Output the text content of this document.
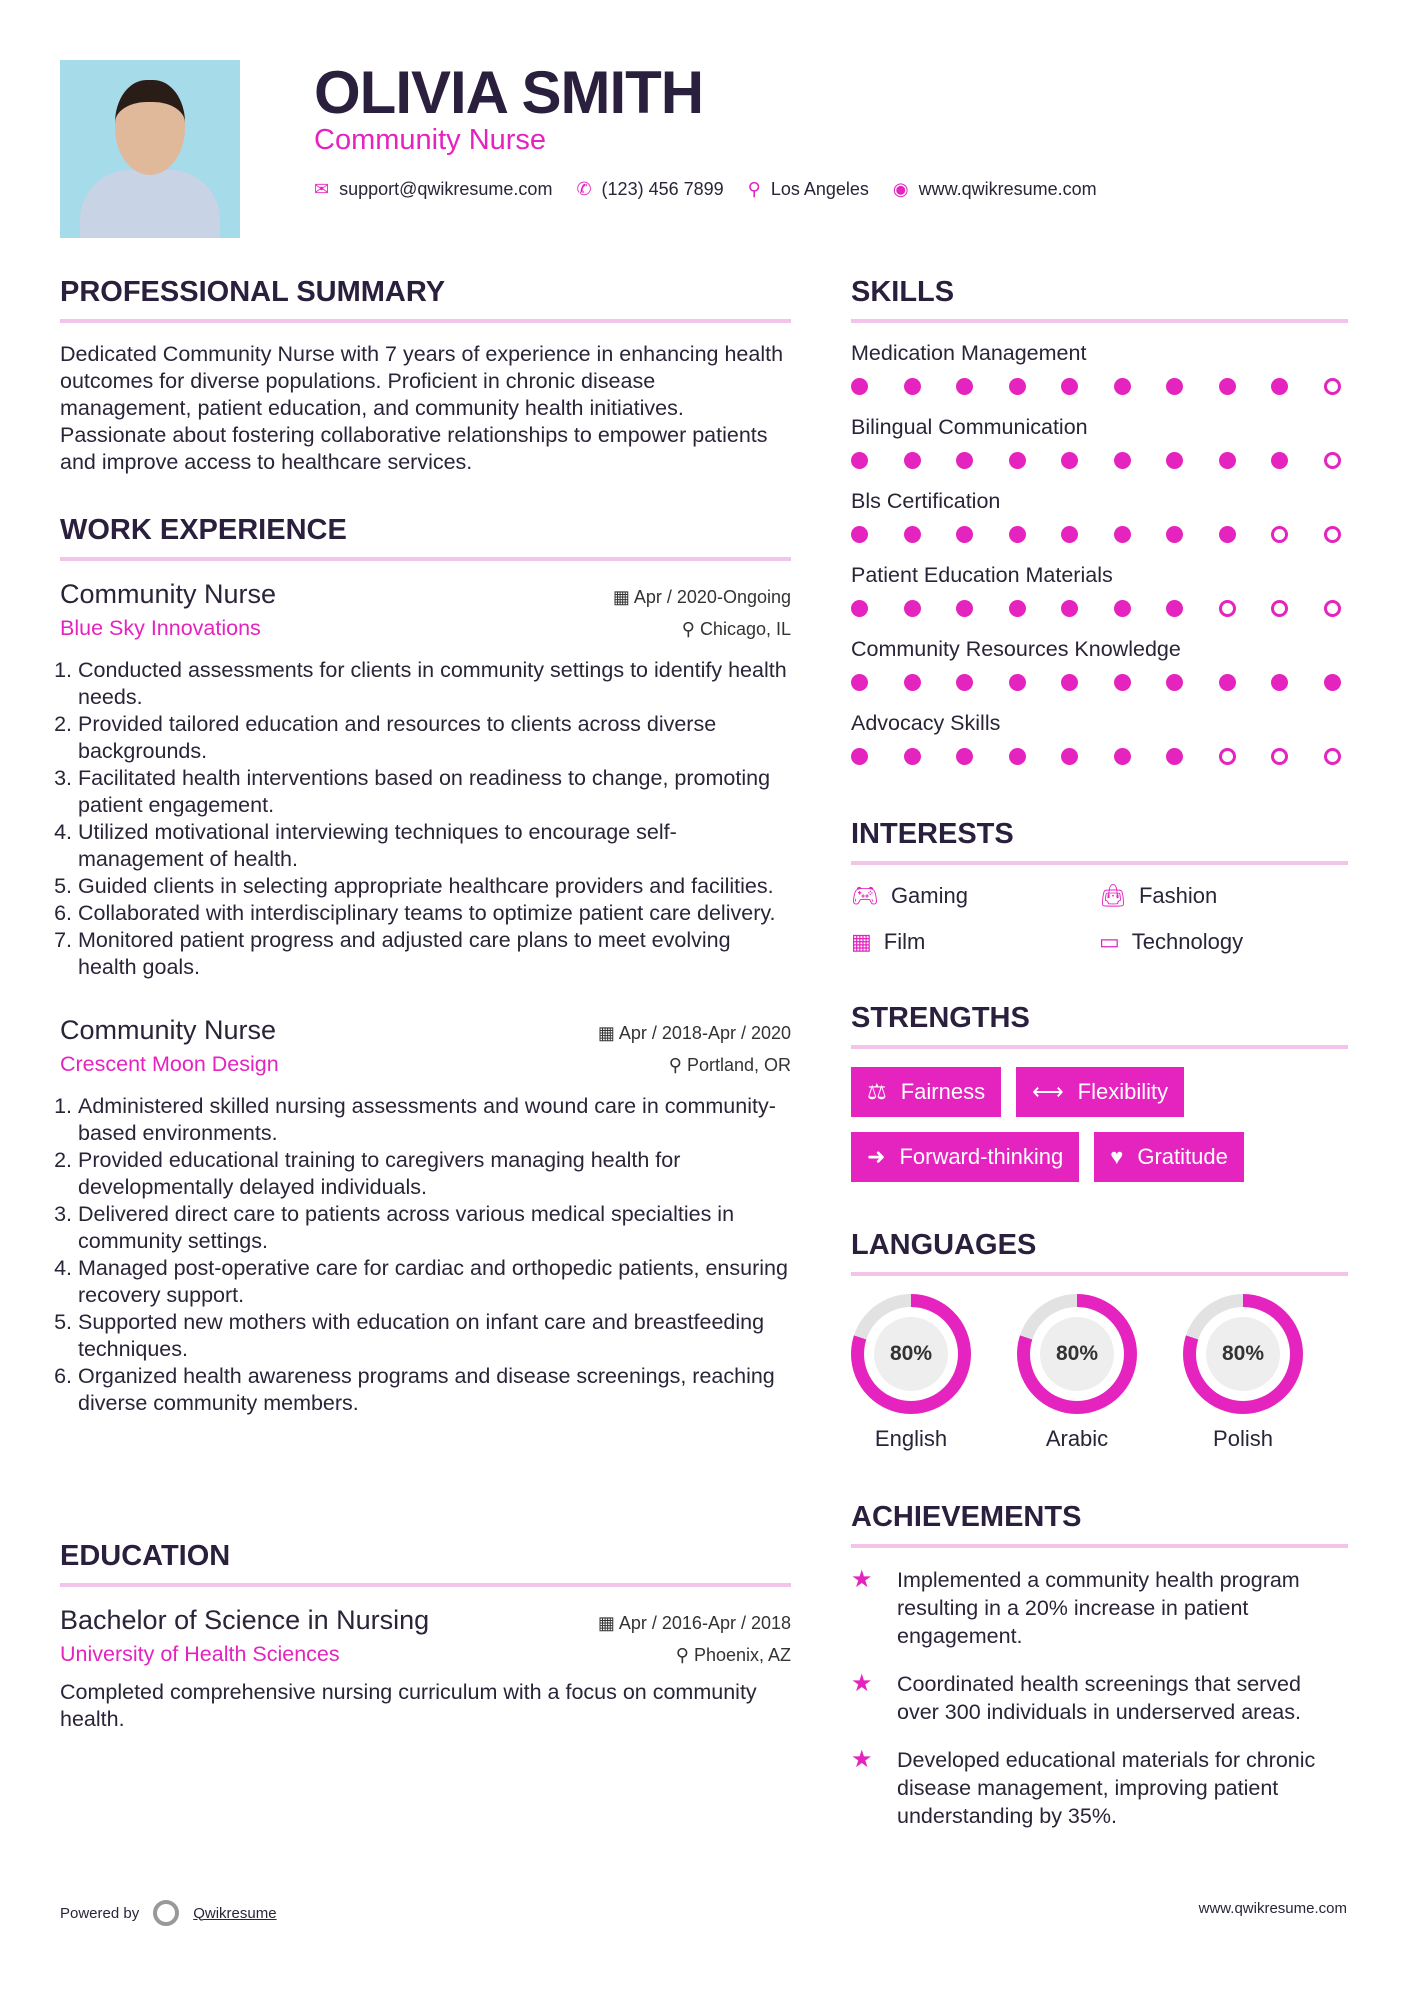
OLIVIA SMITH
Community Nurse
✉ support@qwikresume.com ✆ (123) 456 7899 ⚲ Los Angeles ◉ www.qwikresume.com
PROFESSIONAL SUMMARY

Dedicated Community Nurse with 7 years of experience in enhancing health outcomes for diverse populations. Proficient in chronic disease management, patient education, and community health initiatives. Passionate about fostering collaborative relationships to empower patients and improve access to healthcare services.

WORK EXPERIENCE
Community Nurse	▦ Apr / 2020-Ongoing
Blue Sky Innovations	⚲ Chicago, IL
1. Conducted assessments for clients in community settings to identify health needs.
2. Provided tailored education and resources to clients across diverse backgrounds.
3. Facilitated health interventions based on readiness to change, promoting patient engagement.
4. Utilized motivational interviewing techniques to encourage self-management of health.
5. Guided clients in selecting appropriate healthcare providers and facilities.
6. Collaborated with interdisciplinary teams to optimize patient care delivery.
7. Monitored patient progress and adjusted care plans to meet evolving health goals.
Community Nurse	▦ Apr / 2018-Apr / 2020
Crescent Moon Design	⚲ Portland, OR
1. Administered skilled nursing assessments and wound care in community-based environments.
2. Provided educational training to caregivers managing health for developmentally delayed individuals.
3. Delivered direct care to patients across various medical specialties in community settings.
4. Managed post-operative care for cardiac and orthopedic patients, ensuring recovery support.
5. Supported new mothers with education on infant care and breastfeeding techniques.
6. Organized health awareness programs and disease screenings, reaching diverse community members.
EDUCATION
Bachelor of Science in Nursing	▦ Apr / 2016-Apr / 2018
University of Health Sciences	⚲ Phoenix, AZ

Completed comprehensive nursing curriculum with a focus on community health.

SKILLS
Medication Management
Bilingual Communication
Bls Certification
Patient Education Materials
Community Resources Knowledge
Advocacy Skills
INTERESTS
🎮︎ Gaming	👜︎ Fashion
▦ Film	▭ Technology
STRENGTHS
⚖ Fairness ⟷ Flexibility
➜ Forward-thinking ♥ Gratitude
LANGUAGES
80%
English
80%
Arabic
80%
Polish
ACHIEVEMENTS
★	Implemented a community health program resulting in a 20% increase in patient engagement.
★	Coordinated health screenings that served over 300 individuals in underserved areas.
★	Developed educational materials for chronic disease management, improving patient understanding by 35%.
Powered by	Qwikresume	www.qwikresume.com
